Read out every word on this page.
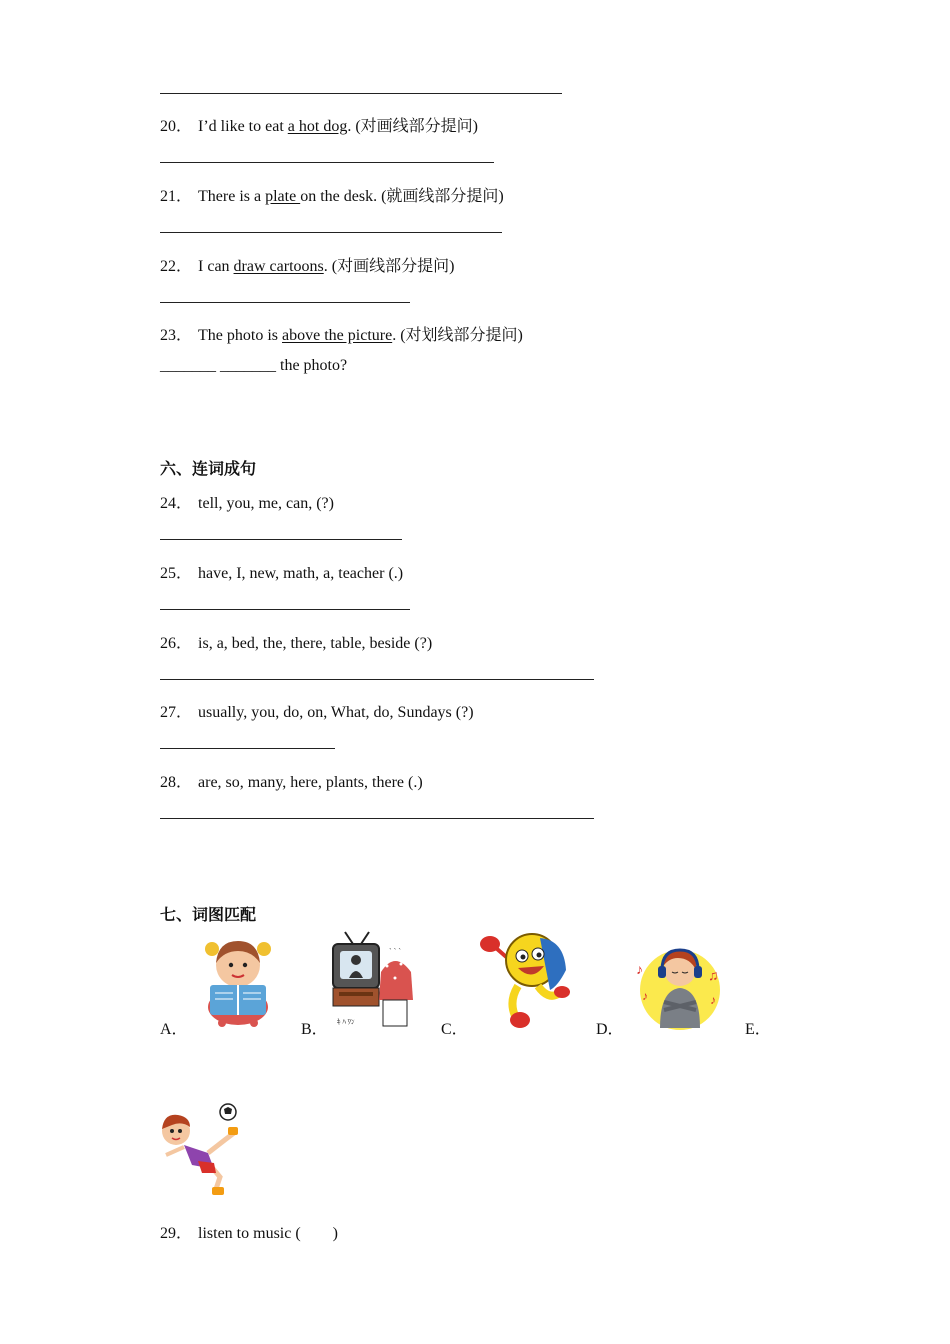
20． I’d like to eat a hot dog. (对画线部分提问)
21． There is a plate on the desk. (就画线部分提问)
22． I can draw cartoons. (对画线部分提问)
23． The photo is above the picture. (对划线部分提问)
_______ _______ the photo?
六、连词成句
24． tell, you, me, can, (?)
25． have, I, new, math, a, teacher (.)
26． is, a, bed, the, there, table, beside (?)
27． usually, you, do, on, What, do, Sundays (?)
28． are, so, many, here, plants, there (.)
七、词图匹配
A．	B．	C．	D．	E．
` ` `
ｷ ﾊ ﾜﾝ
♪	♫
♪	♪
29． listen to music (　　)
